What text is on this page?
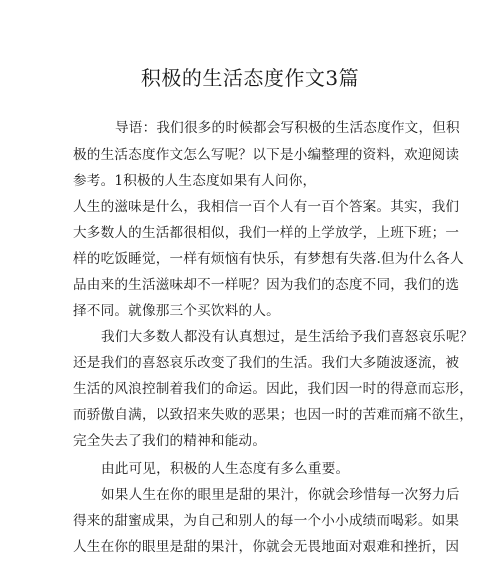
积极的生活态度作文3篇
导语：我们很多的时候都会写积极的生活态度作文，但积
极的生活态度作文怎么写呢？以下是小编整理的资料，欢迎阅读
参考。1积极的人生态度如果有人问你，
人生的滋味是什么，我相信一百个人有一百个答案。其实，我们
大多数人的生活都很相似，我们一样的上学放学，上班下班；一
样的吃饭睡觉，一样有烦恼有快乐，有梦想有失落.但为什么各人
品由来的生活滋味却不一样呢？因为我们的态度不同，我们的选
择不同。就像那三个买饮料的人。
我们大多数人都没有认真想过，是生活给予我们喜怒哀乐呢？
还是我们的喜怒哀乐改变了我们的生活。我们大多随波逐流，被
生活的风浪控制着我们的命运。因此，我们因一时的得意而忘形，
而骄傲自满，以致招来失败的恶果；也因一时的苦难而痛不欲生，
完全失去了我们的精神和能动。
由此可见，积极的人生态度有多么重要。
如果人生在你的眼里是甜的果汁，你就会珍惜每一次努力后
得来的甜蜜成果，为自己和别人的每一个小小成绩而喝彩。如果
人生在你的眼里是甜的果汁，你就会无畏地面对艰难和挫折，因
